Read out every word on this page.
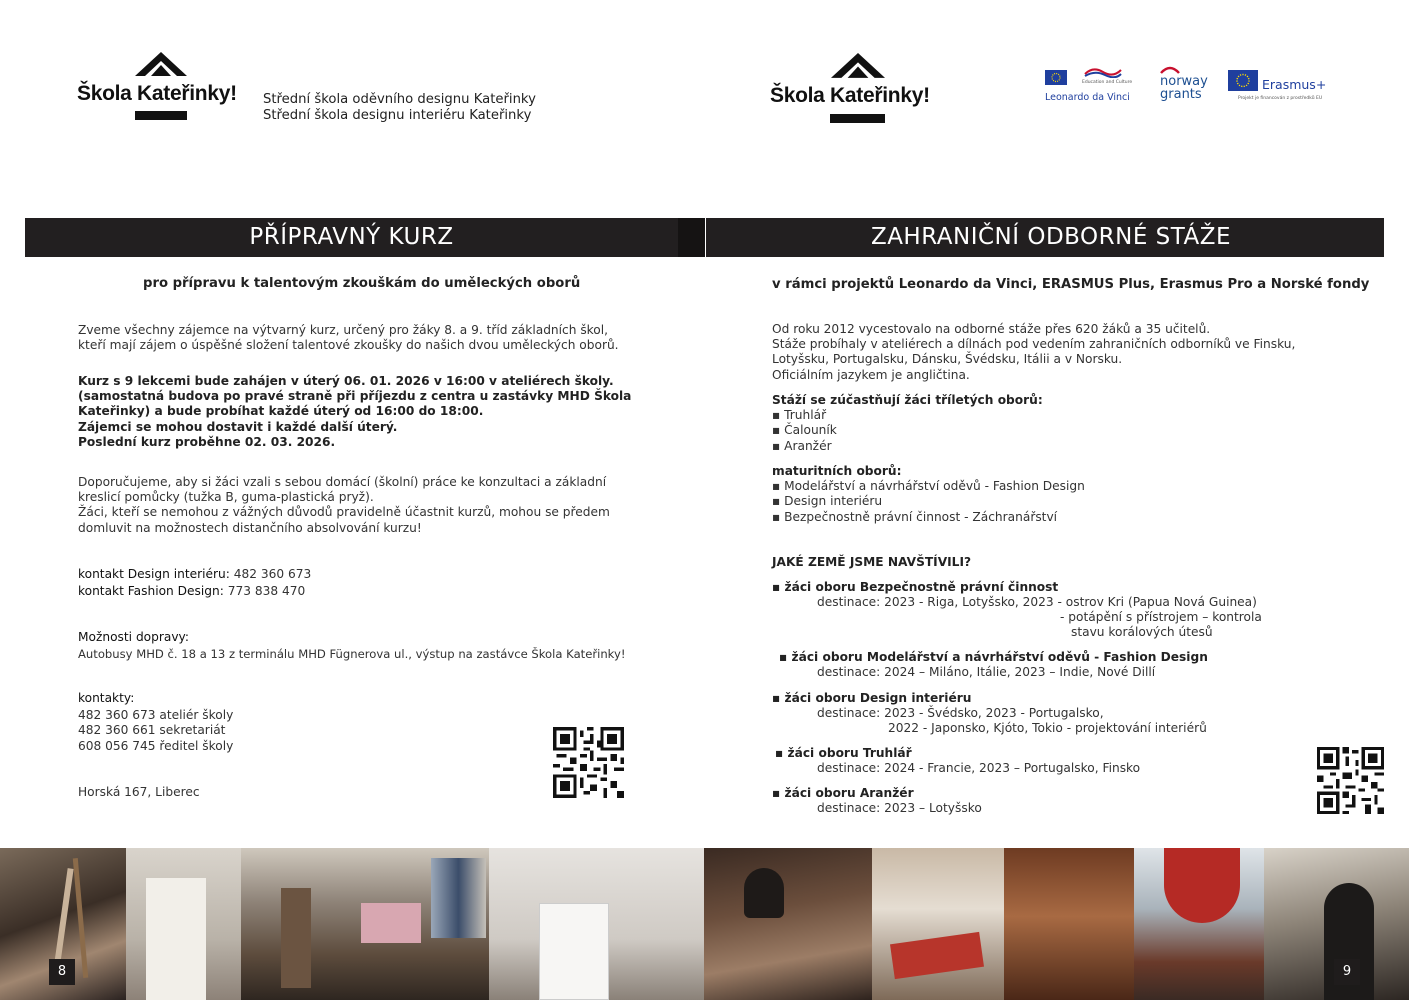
Škola Kateřinky! Střední škola oděvního designu Kateřinky
Střední škola designu interiéru Kateřinky
PŘÍPRAVNÝ KURZ
pro přípravu k talentovým zkouškám do uměleckých oborů
Zveme všechny zájemce na výtvarný kurz, určený pro žáky 8. a 9. tříd základních škol,
kteří mají zájem o úspěšné složení talentové zkoušky do našich dvou uměleckých oborů.
Kurz s 9 lekcemi bude zahájen v úterý 06. 01. 2026 v 16:00 v ateliérech školy.
(samostatná budova po pravé straně při příjezdu z centra u zastávky MHD Škola
Kateřinky) a bude probíhat každé úterý od 16:00 do 18:00.
Zájemci se mohou dostavit i každé další úterý.
Poslední kurz proběhne 02. 03. 2026.
Doporučujeme, aby si žáci vzali s sebou domácí (školní) práce ke konzultaci a základní
kreslicí pomůcky (tužka B, guma-plastická pryž).
Žáci, kteří se nemohou z vážných důvodů pravidelně účastnit kurzů, mohou se předem
domluvit na možnostech distančního absolvování kurzu!
kontakt Design interiéru: 482 360 673
kontakt Fashion Design: 773 838 470
Možnosti dopravy:
Autobusy MHD č. 18 a 13 z terminálu MHD Fügnerova ul., výstup na zastávce Škola Kateřinky!
kontakty:
482 360 673 ateliér školy
482 360 661 sekretariát
608 056 745 ředitel školy
Horská 167, Liberec
Škola Kateřinky!
Education and Culture
Leonardo da Vinci
norway
grants
Erasmus+
Projekt je financován z prostředků EU
ZAHRANIČNÍ ODBORNÉ STÁŽE
v rámci projektů Leonardo da Vinci, ERASMUS Plus, Erasmus Pro a Norské fondy
Od roku 2012 vycestovalo na odborné stáže přes 620 žáků a 35 učitelů.
Stáže probíhaly v ateliérech a dílnách pod vedením zahraničních odborníků ve Finsku,
Lotyšsku, Portugalsku, Dánsku, Švédsku, Itálii a v Norsku.
Oficiálním jazykem je angličtina.
Stáží se zúčastňují žáci tříletých oborů:
▪ Truhlář
▪ Čalouník
▪ Aranžér
maturitních oborů:
▪ Modelářství a návrhářství oděvů - Fashion Design
▪ Design interiéru
▪ Bezpečnostně právní činnost - Záchranářství
JAKÉ ZEMĚ JSME NAVŠTÍVILI?
▪ žáci oboru Bezpečnostně právní činnost
destinace: 2023 - Riga, Lotyšsko, 2023 - ostrov Kri (Papua Nová Guinea)
- potápění s přístrojem – kontrola
stavu korálových útesů
▪ žáci oboru Modelářství a návrhářství oděvů - Fashion Design
destinace: 2024 – Miláno, Itálie, 2023 – Indie, Nové Dillí
▪ žáci oboru Design interiéru
destinace: 2023 - Švédsko, 2023 - Portugalsko,
2022 - Japonsko, Kjóto, Tokio - projektování interiérů
▪ žáci oboru Truhlář
destinace: 2024 - Francie, 2023 – Portugalsko, Finsko
▪ žáci oboru Aranžér
destinace: 2023 – Lotyšsko
8	9
